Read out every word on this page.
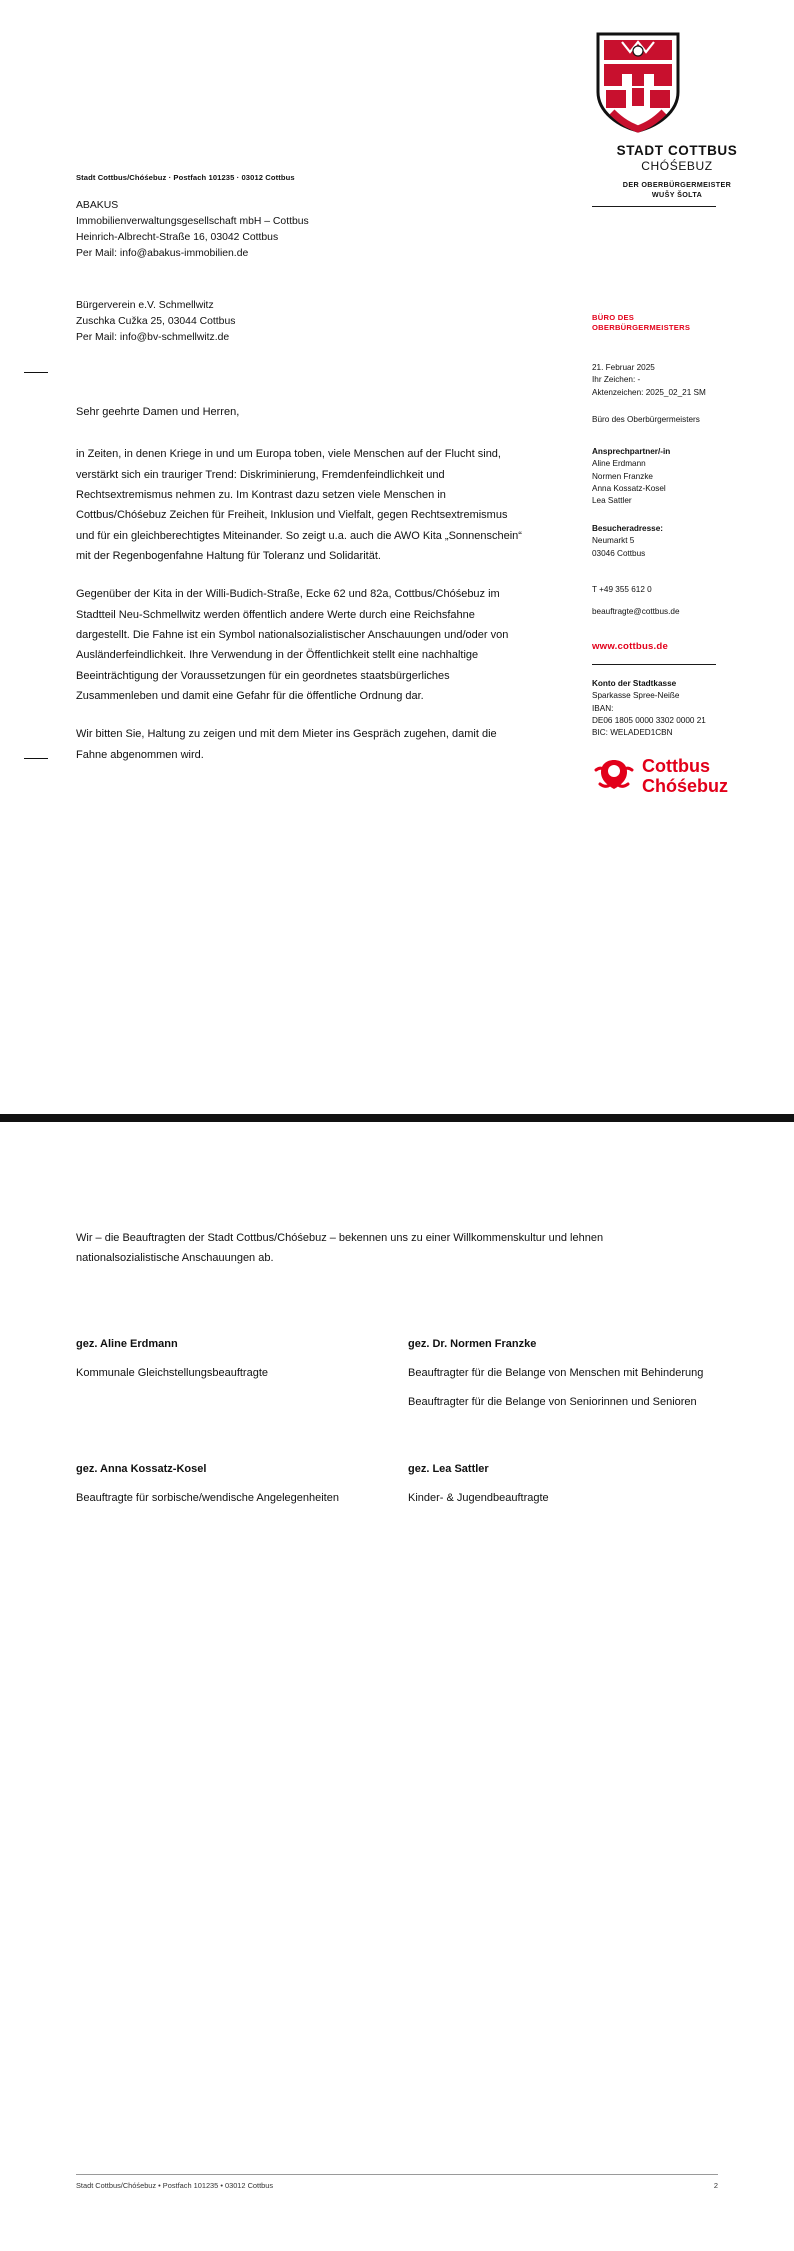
STADT COTTBUS
CHÓŚEBUZ
DER OBERBÜRGERMEISTER
WUŠY ŠOLTA
Stadt Cottbus/Chóśebuz · Postfach 101235 · 03012 Cottbus
ABAKUS
Immobilienverwaltungsgesellschaft mbH – Cottbus
Heinrich-Albrecht-Straße 16, 03042 Cottbus
Per Mail: info@abakus-immobilien.de
Bürgerverein e.V. Schmellwitz
Zuschka Cužka 25, 03044 Cottbus
Per Mail: info@bv-schmellwitz.de

Sehr geehrte Damen und Herren,

in Zeiten, in denen Kriege in und um Europa toben, viele Menschen auf der Flucht sind, verstärkt sich ein trauriger Trend: Diskriminierung, Fremdenfeindlichkeit und Rechtsextremismus nehmen zu. Im Kontrast dazu setzen viele Menschen in Cottbus/Chóśebuz Zeichen für Freiheit, Inklusion und Vielfalt, gegen Rechtsextremismus und für ein gleichberechtigtes Miteinander. So zeigt u.a. auch die AWO Kita „Sonnenschein“ mit der Regenbogenfahne Haltung für Toleranz und Solidarität.

Gegenüber der Kita in der Willi-Budich-Straße, Ecke 62 und 82a, Cottbus/Chóśebuz im Stadtteil Neu-Schmellwitz werden öffentlich andere Werte durch eine Reichsfahne dargestellt. Die Fahne ist ein Symbol nationalsozialistischer Anschauungen und/oder von Ausländerfeindlichkeit. Ihre Verwendung in der Öffentlichkeit stellt eine nachhaltige Beeinträchtigung der Voraussetzungen für ein geordnetes staatsbürgerliches Zusammenleben und damit eine Gefahr für die öffentliche Ordnung dar.

Wir bitten Sie, Haltung zu zeigen und mit dem Mieter ins Gespräch zugehen, damit die Fahne abgenommen wird.

BÜRO DES
OBERBÜRGERMEISTERS
21. Februar 2025
Ihr Zeichen: -
Aktenzeichen: 2025_02_21 SM
Büro des Oberbürgermeisters
Ansprechpartner/-in
Aline Erdmann
Normen Franzke
Anna Kossatz-Kosel
Lea Sattler
Besucheradresse:
Neumarkt 5
03046 Cottbus
T +49 355 612 0
beauftragte@cottbus.de
www.cottbus.de
Konto der Stadtkasse
Sparkasse Spree-Neiße
IBAN:
DE06 1805 0000 3302 0000 21
BIC: WELADED1CBN
Cottbus
Chóśebuz
Wir – die Beauftragten der Stadt Cottbus/Chóśebuz – bekennen uns zu einer Willkommenskultur und lehnen nationalsozialistische Anschauungen ab.
gez. Aline Erdmann
Kommunale Gleichstellungsbeauftragte
gez. Dr. Normen Franzke
Beauftragter für die Belange von Menschen mit Behinderung
Beauftragter für die Belange von Seniorinnen und Senioren
gez. Anna Kossatz-Kosel
Beauftragte für sorbische/wendische Angelegenheiten
gez. Lea Sattler
Kinder- & Jugendbeauftragte
Stadt Cottbus/Chóśebuz • Postfach 101235 • 03012 Cottbus	2
